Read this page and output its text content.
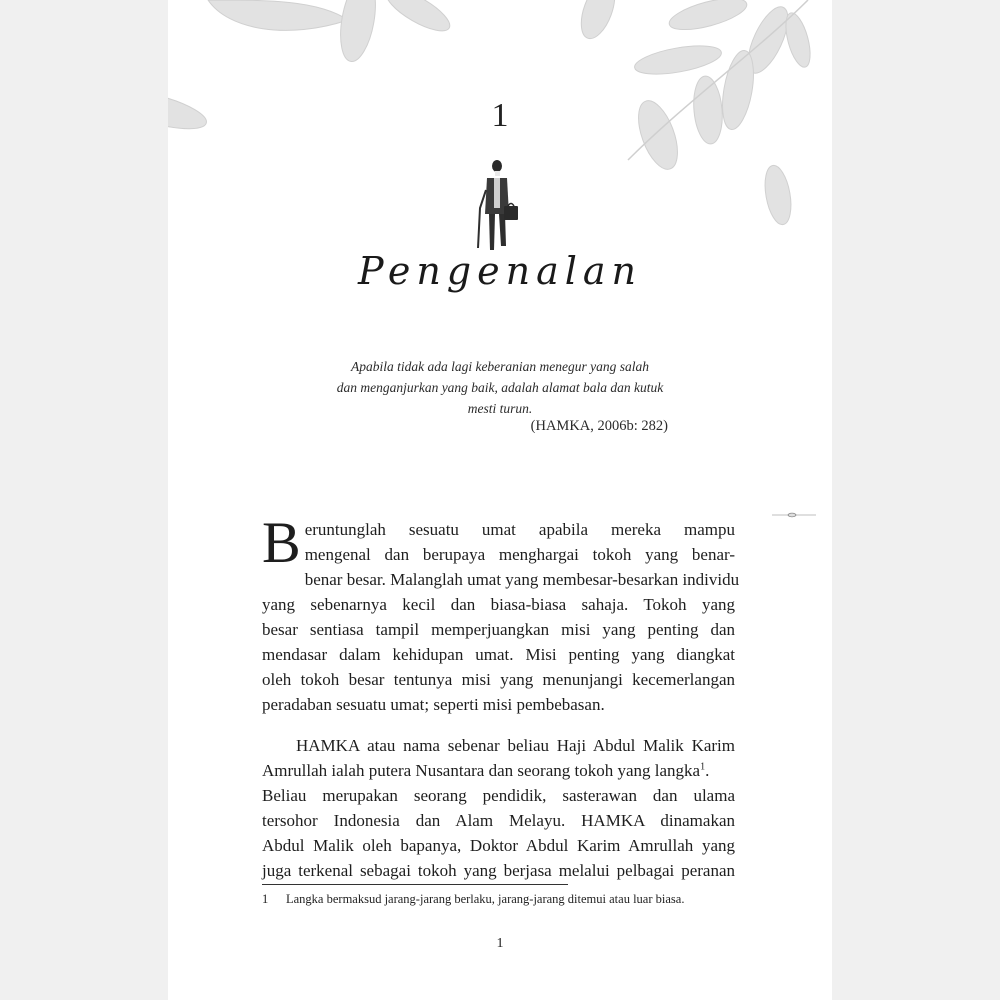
1
Pengenalan
Apabila tidak ada lagi keberanian menegur yang salah
dan menganjurkan yang baik, adalah alamat bala dan kutuk
mesti turun.
(HAMKA, 2006b: 282)
B eruntunglah sesuatu umat apabila mereka mampu
mengenal dan berupaya menghargai tokoh yang benar-
benar besar. Malanglah umat yang membesar-besarkan individu
yang sebenarnya kecil dan biasa-biasa sahaja. Tokoh yang
besar sentiasa tampil memperjuangkan misi yang penting dan
mendasar dalam kehidupan umat. Misi penting yang diangkat
oleh tokoh besar tentunya misi yang menunjangi kecemerlangan
peradaban sesuatu umat; seperti misi pembebasan.
HAMKA atau nama sebenar beliau Haji Abdul Malik Karim
Amrullah ialah putera Nusantara dan seorang tokoh yang langka$^1$.
Beliau merupakan seorang pendidik, sasterawan dan ulama
tersohor Indonesia dan Alam Melayu. HAMKA dinamakan
Abdul Malik oleh bapanya, Doktor Abdul Karim Amrullah yang
juga terkenal sebagai tokoh yang berjasa melalui pelbagai peranan
1 Langka bermaksud jarang-jarang berlaku, jarang-jarang ditemui atau luar biasa.
1
